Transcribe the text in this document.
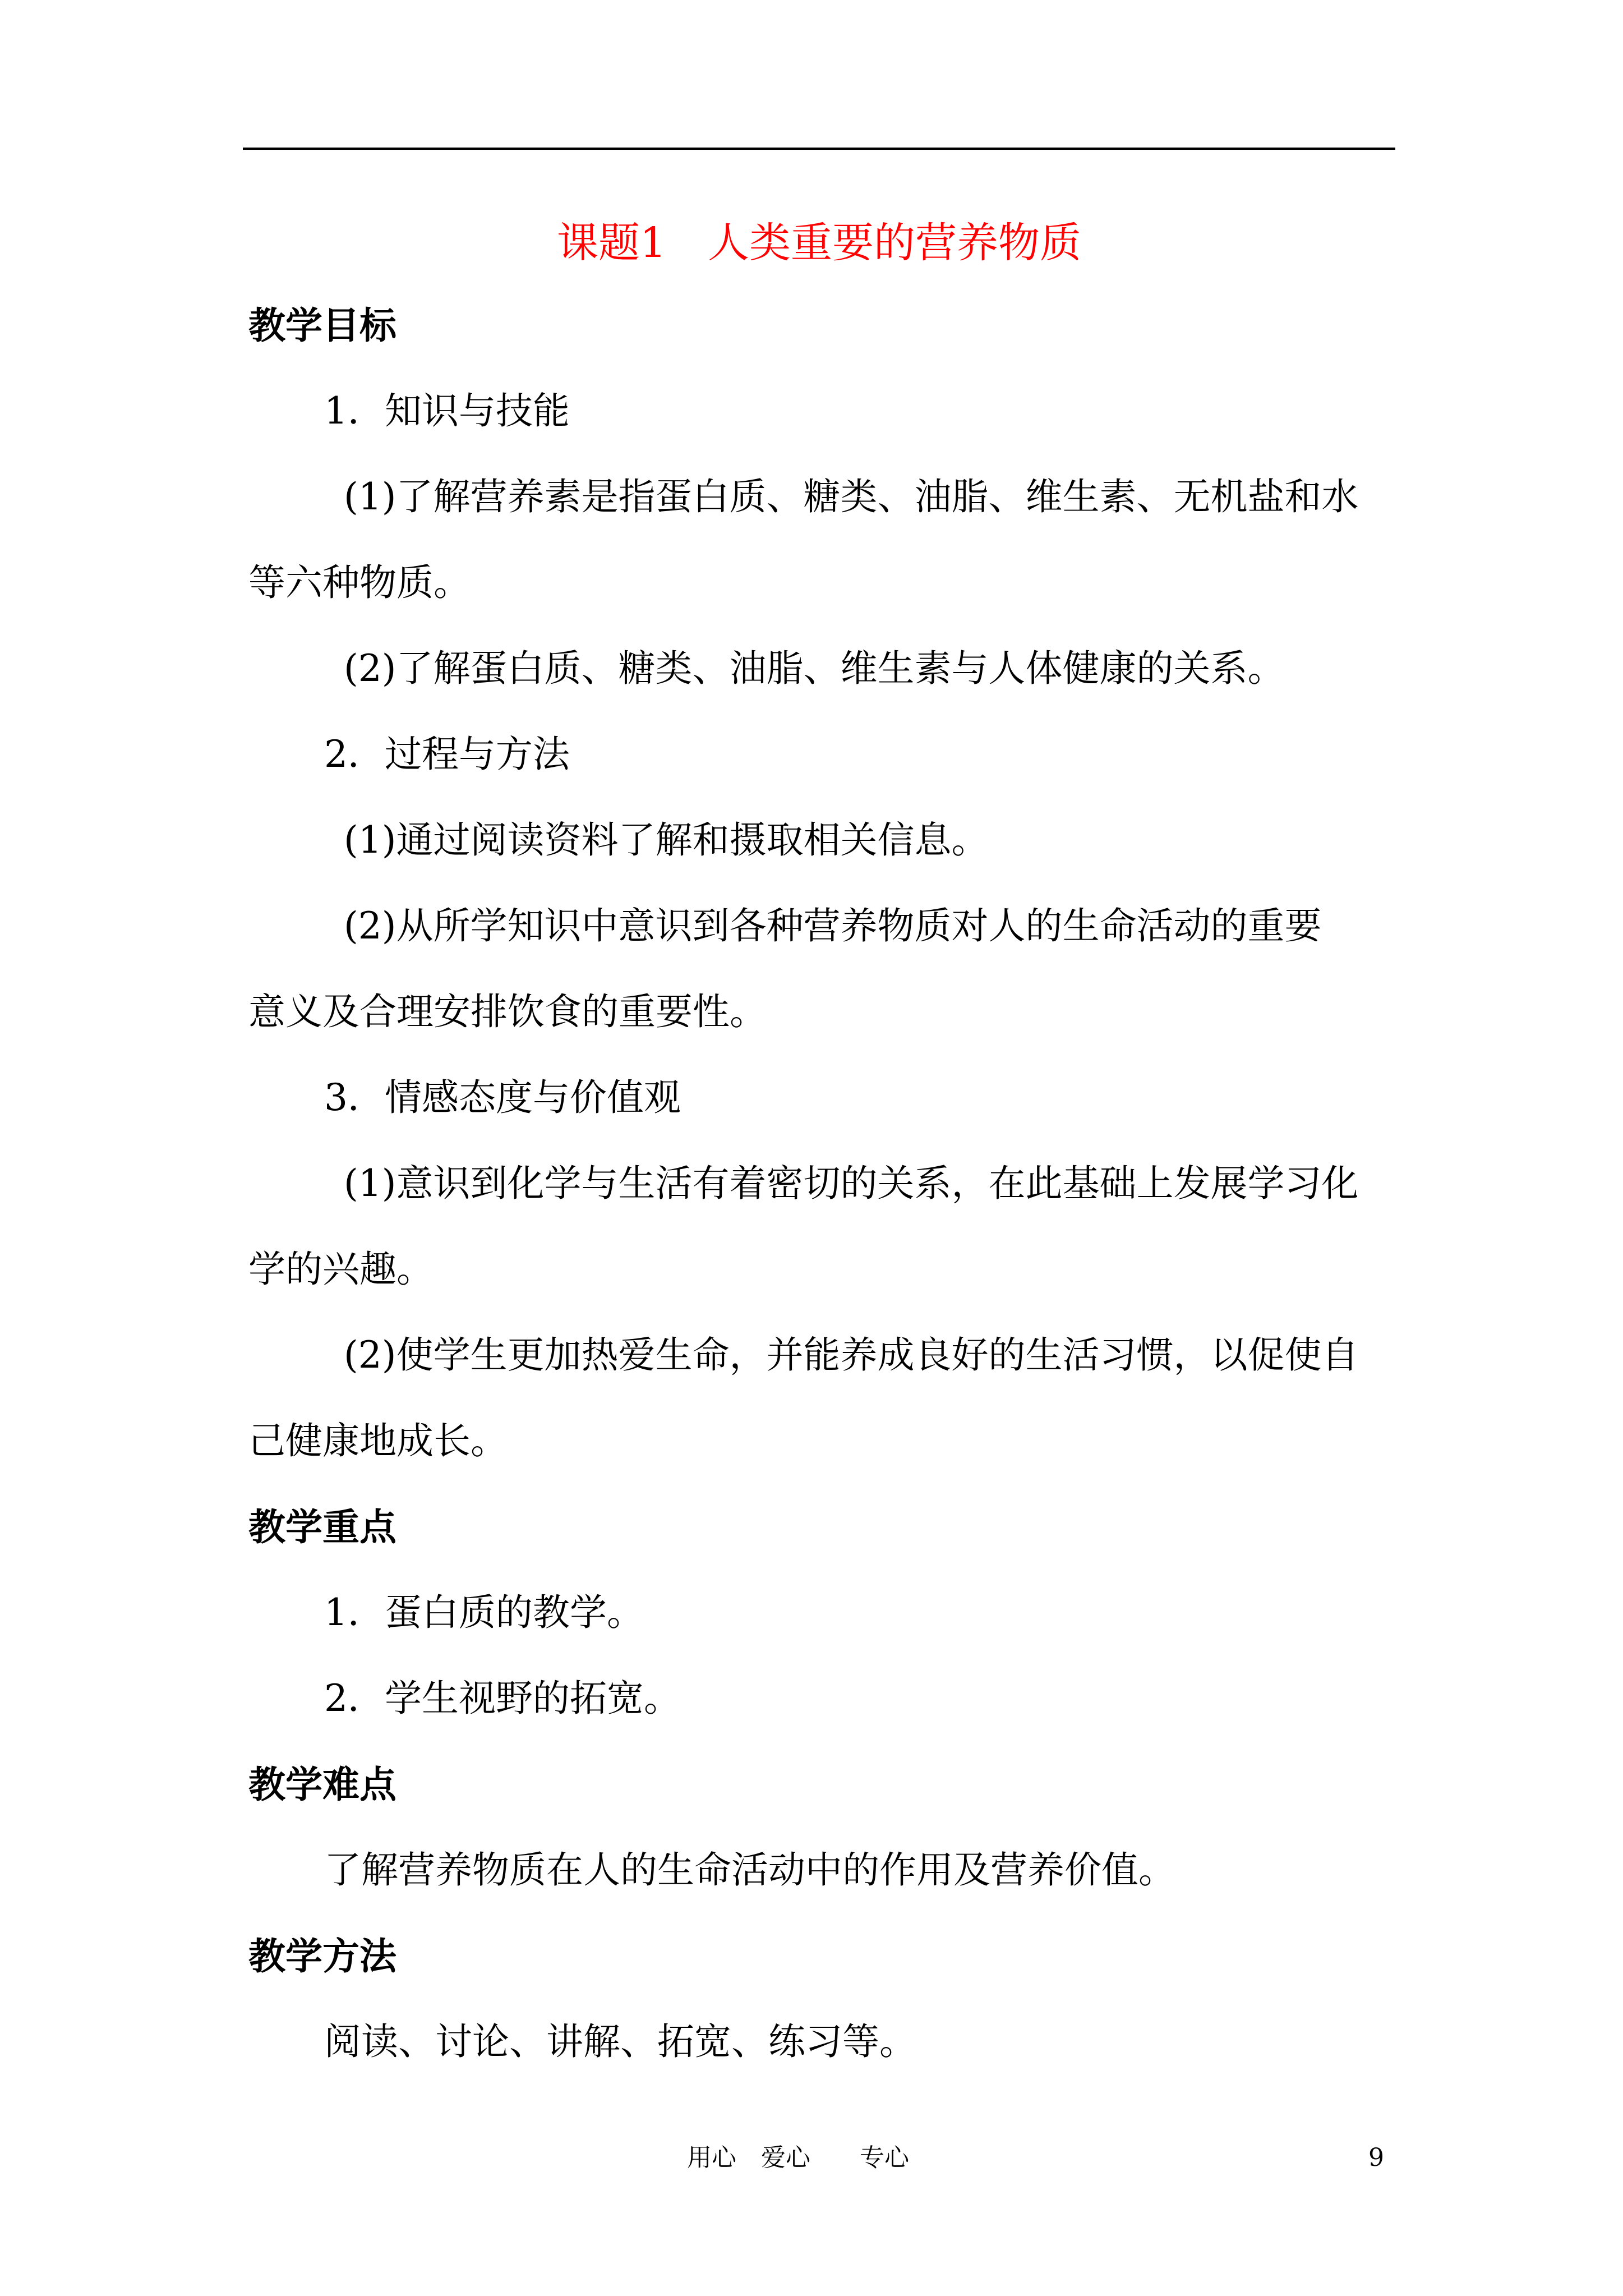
课题1　人类重要的营养物质
教学目标
1．知识与技能
(1)了解营养素是指蛋白质、糖类、油脂、维生素、无机盐和水
等六种物质。
(2)了解蛋白质、糖类、油脂、维生素与人体健康的关系。
2．过程与方法
(1)通过阅读资料了解和摄取相关信息。
(2)从所学知识中意识到各种营养物质对人的生命活动的重要
意义及合理安排饮食的重要性。
3．情感态度与价值观
(1)意识到化学与生活有着密切的关系，在此基础上发展学习化
学的兴趣。
(2)使学生更加热爱生命，并能养成良好的生活习惯，以促使自
己健康地成长。
教学重点
1．蛋白质的教学。
2．学生视野的拓宽。
教学难点
了解营养物质在人的生命活动中的作用及营养价值。
教学方法
阅读、讨论、讲解、拓宽、练习等。
用心　爱心　　专心	9
